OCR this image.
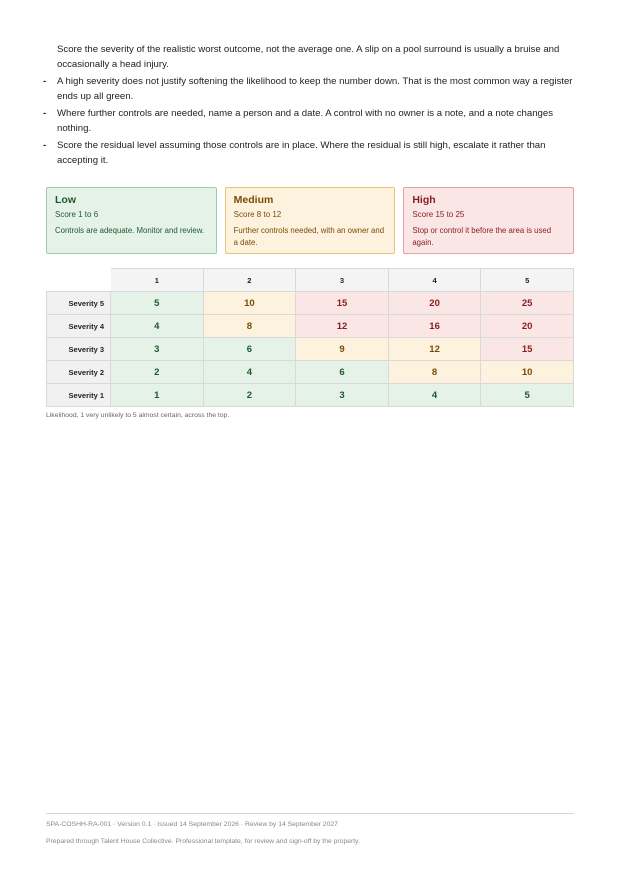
Score the severity of the realistic worst outcome, not the average one. A slip on a pool surround is usually a bruise and occasionally a head injury.
- A high severity does not justify softening the likelihood to keep the number down. That is the most common way a register ends up all green.
- Where further controls are needed, name a person and a date. A control with no owner is a note, and a note changes nothing.
- Score the residual level assuming those controls are in place. Where the residual is still high, escalate it rather than accepting it.
Low
Score 1 to 6
Controls are adequate. Monitor and review.
Medium
Score 8 to 12
Further controls needed, with an owner and a date.
High
Score 15 to 25
Stop or control it before the area is used again.
	1	2	3	4	5
Severity 5	5	10	15	20	25
Severity 4	4	8	12	16	20
Severity 3	3	6	9	12	15
Severity 2	2	4	6	8	10
Severity 1	1	2	3	4	5
Likelihood, 1 very unlikely to 5 almost certain, across the top.
SPA-COSHH-RA-001 · Version 0.1 · Issued 14 September 2026 · Review by 14 September 2027
Prepared through Talent House Collective. Professional template, for review and sign-off by the property.
